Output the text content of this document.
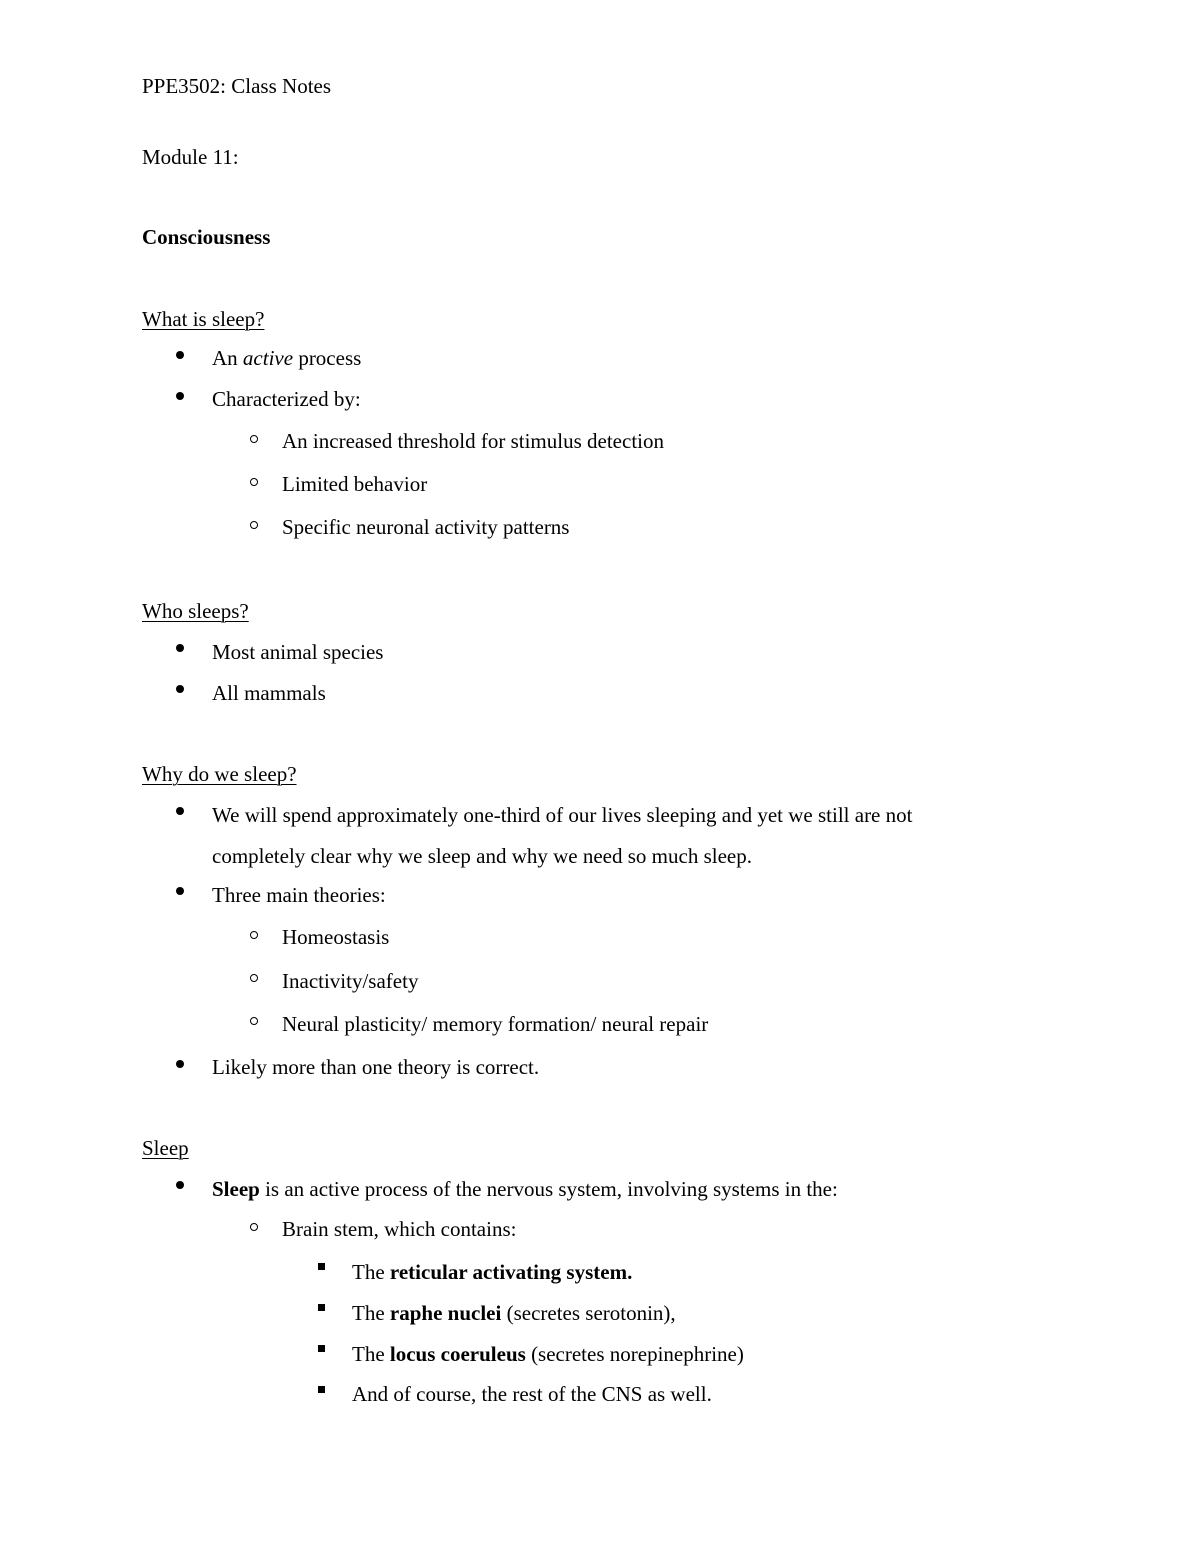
PPE3502: Class Notes
Module 11:
Consciousness
What is sleep?
An active process
Characterized by:
An increased threshold for stimulus detection
Limited behavior
Specific neuronal activity patterns
Who sleeps?
Most animal species
All mammals
Why do we sleep?
We will spend approximately one-third of our lives sleeping and yet we still are not
completely clear why we sleep and why we need so much sleep.
Three main theories:
Homeostasis
Inactivity/safety
Neural plasticity/ memory formation/ neural repair
Likely more than one theory is correct.
Sleep
Sleep is an active process of the nervous system, involving systems in the:
Brain stem, which contains:
The reticular activating system.
The raphe nuclei (secretes serotonin),
The locus coeruleus (secretes norepinephrine)
And of course, the rest of the CNS as well.
